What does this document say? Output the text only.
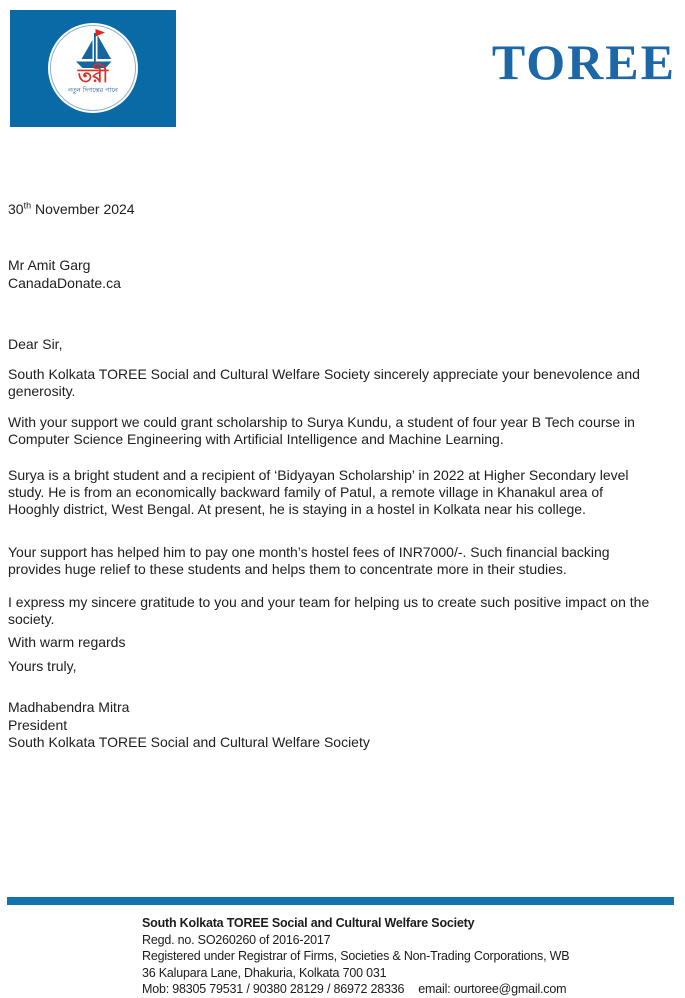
তরী
নতুন দিগন্তের পানে	TOREE
30th November 2024
Mr Amit Garg
CanadaDonate.ca
Dear Sir,
South Kolkata TOREE Social and Cultural Welfare Society sincerely appreciate your benevolence and
generosity.
With your support we could grant scholarship to Surya Kundu, a student of four year B Tech course in
Computer Science Engineering with Artificial Intelligence and Machine Learning.
Surya is a bright student and a recipient of ‘Bidyayan Scholarship’ in 2022 at Higher Secondary level
study. He is from an economically backward family of Patul, a remote village in Khanakul area of
Hooghly district, West Bengal. At present, he is staying in a hostel in Kolkata near his college.
Your support has helped him to pay one month’s hostel fees of INR7000/-. Such financial backing
provides huge relief to these students and helps them to concentrate more in their studies.
I express my sincere gratitude to you and your team for helping us to create such positive impact on the
society.
With warm regards
Yours truly,
Madhabendra Mitra
President
South Kolkata TOREE Social and Cultural Welfare Society
South Kolkata TOREE Social and Cultural Welfare Society
Regd. no. SO260260 of 2016-2017
Registered under Registrar of Firms, Societies & Non-Trading Corporations, WB
36 Kalupara Lane, Dhakuria, Kolkata 700 031
Mob: 98305 79531 / 90380 28129 / 86972 28336 email: ourtoree@gmail.com
